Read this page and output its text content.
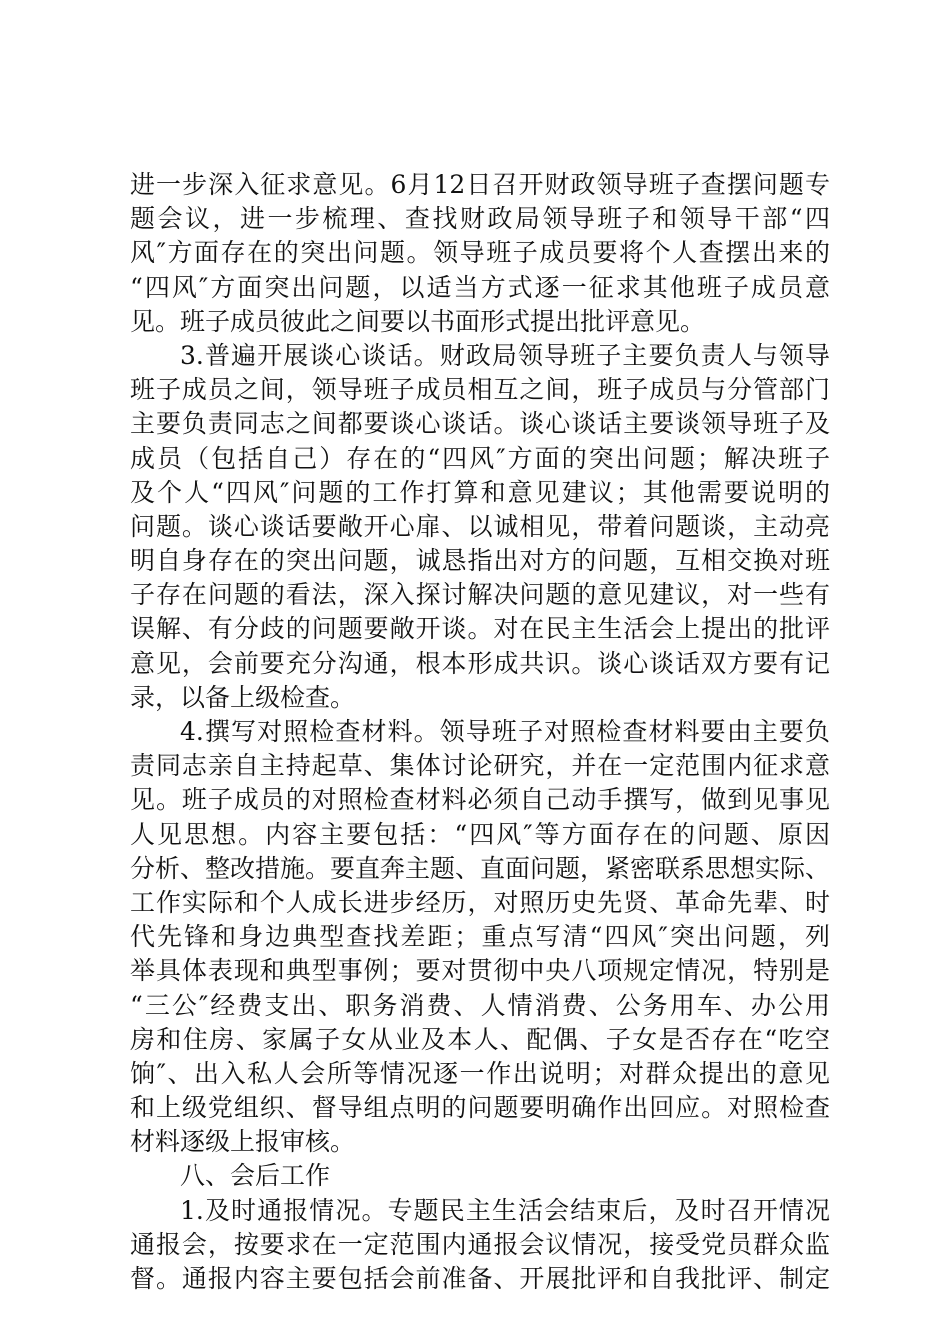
进一步深入征求意见。6月12日召开财政领导班子查摆问题专
题会议，进一步梳理、查找财政局领导班子和领导干部“四
风″方面存在的突出问题。领导班子成员要将个人查摆出来的
“四风″方面突出问题，以适当方式逐一征求其他班子成员意
见。班子成员彼此之间要以书面形式提出批评意见。
3.普遍开展谈心谈话。财政局领导班子主要负责人与领导
班子成员之间，领导班子成员相互之间，班子成员与分管部门
主要负责同志之间都要谈心谈话。谈心谈话主要谈领导班子及
成员（包括自己）存在的“四风″方面的突出问题；解决班子
及个人“四风″问题的工作打算和意见建议；其他需要说明的
问题。谈心谈话要敞开心扉、以诚相见，带着问题谈，主动亮
明自身存在的突出问题，诚恳指出对方的问题，互相交换对班
子存在问题的看法，深入探讨解决问题的意见建议，对一些有
误解、有分歧的问题要敞开谈。对在民主生活会上提出的批评
意见，会前要充分沟通，根本形成共识。谈心谈话双方要有记
录，以备上级检查。
4.撰写对照检查材料。领导班子对照检查材料要由主要负
责同志亲自主持起草、集体讨论研究，并在一定范围内征求意
见。班子成员的对照检查材料必须自己动手撰写，做到见事见
人见思想。内容主要包括：“四风″等方面存在的问题、原因
分析、整改措施。要直奔主题、直面问题，紧密联系思想实际、
工作实际和个人成长进步经历，对照历史先贤、革命先辈、时
代先锋和身边典型查找差距；重点写清“四风″突出问题，列
举具体表现和典型事例；要对贯彻中央八项规定情况，特别是
“三公″经费支出、职务消费、人情消费、公务用车、办公用
房和住房、家属子女从业及本人、配偶、子女是否存在“吃空
饷″、出入私人会所等情况逐一作出说明；对群众提出的意见
和上级党组织、督导组点明的问题要明确作出回应。对照检查
材料逐级上报审核。
八、会后工作
1.及时通报情况。专题民主生活会结束后，及时召开情况
通报会，按要求在一定范围内通报会议情况，接受党员群众监
督。通报内容主要包括会前准备、开展批评和自我批评、制定
